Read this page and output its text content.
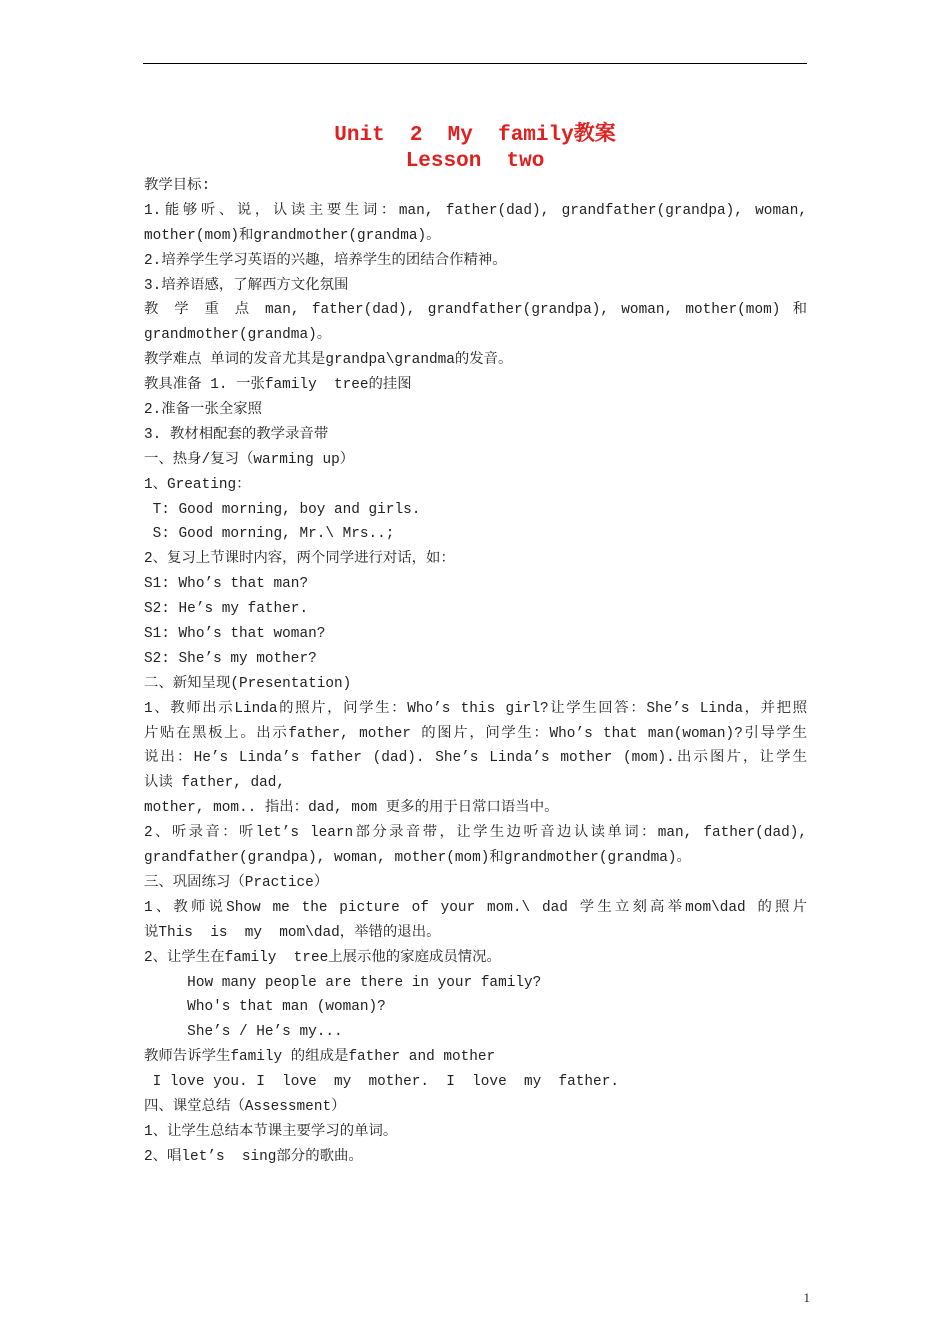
Unit  2  My  family教案
Lesson  two
教学目标:
1.能够听、说，认读主要生词：man, father(dad), grandfather(grandpa), woman,
mother(mom)和grandmother(grandma)。
2.培养学生学习英语的兴趣，培养学生的团结合作精神。
3.培养语感，了解西方文化氛围
教 学 重 点 man, father(dad), grandfather(grandpa), woman, mother(mom) 和
grandmother(grandma)。
教学难点 单词的发音尤其是grandpa\grandma的发音。
教具准备 1. 一张family  tree的挂图
2.准备一张全家照
3. 教材相配套的教学录音带
一、热身/复习（warming up）
1、Greating：
T: Good morning, boy and girls.
S: Good morning, Mr.\ Mrs..;
2、复习上节课时内容，两个同学进行对话，如：
S1: Who’s that man?
S2: He’s my father.
S1: Who’s that woman?
S2: She’s my mother?
二、新知呈现(Presentation)
1、教师出示Linda的照片，问学生：Who’s this girl?让学生回答：She’s Linda，并把照
片贴在黑板上。出示father, mother 的图片，问学生：Who’s that man(woman)?引导学生
说出：He’s Linda’s father (dad). She’s Linda’s mother (mom).出示图片，让学生
认读 father, dad,
mother, mom.. 指出：dad, mom 更多的用于日常口语当中。
2、听录音：听let’s learn部分录音带，让学生边听音边认读单词：man, father(dad),
grandfather(grandpa), woman, mother(mom)和grandmother(grandma)。
三、巩固练习（Practice）
1、教师说Show me the picture of your mom.\ dad 学生立刻高举mom\dad 的照片
说This  is  my  mom\dad，举错的退出。
2、让学生在family  tree上展示他的家庭成员情况。
How many people are there in your family?
Who's that man (woman)?
She’s / He’s my...
教师告诉学生family 的组成是father and mother
I love you. I  love  my  mother.  I  love  my  father.
四、课堂总结（Assessment）
1、让学生总结本节课主要学习的单词。
2、唱let’s  sing部分的歌曲。
1
